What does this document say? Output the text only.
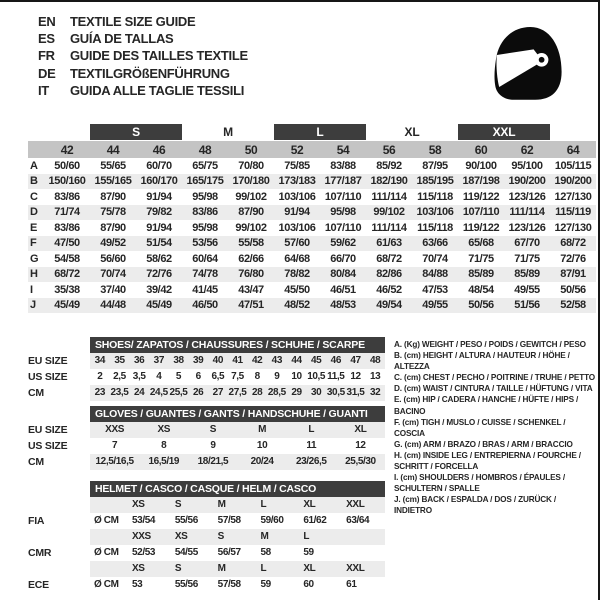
EN	TEXTILE SIZE GUIDE
ES	GUÍA DE TALLAS
FR	GUIDE DES TAILLES TEXTILE
DE	TEXTILGRÖßENFÜHRUNG
IT	GUIDA ALLE TAGLIE TESSILI
S	M	L	XL	XXL
42	44	46	48	50	52	54	56	58	60	62	64
A	50/60	55/65	60/70	65/75	70/80	75/85	83/88	85/92	87/95	90/100	95/100	105/115
B 150/160 155/165 160/170 165/175 170/180 173/183 177/187 182/190 185/195 187/198 190/200 190/200
C	83/86	87/90	91/94	95/98	99/102	103/106 107/110 111/114 115/118 119/122 123/126 127/130
D	71/74	75/78	79/82	83/86	87/90	91/94	95/98	99/102	103/106 107/110 111/114 115/119
E	83/86	87/90	91/94	95/98	99/102	103/106 107/110 111/114 115/118 119/122 123/126 127/130
F	47/50	49/52	51/54	53/56	55/58	57/60	59/62	61/63	63/66	65/68	67/70	68/72
G	54/58	56/60	58/62	60/64	62/66	64/68	66/70	68/72	70/74	71/75	71/75	72/76
H	68/72	70/74	72/76	74/78	76/80	78/82	80/84	82/86	84/88	85/89	85/89	87/91
I	35/38	37/40	39/42	41/45	43/47	45/50	46/51	46/52	47/53	48/54	49/55	50/56
J	45/49	44/48	45/49	46/50	47/51	48/52	48/53	49/54	49/55	50/56	51/56	52/58
SHOES/ ZAPATOS / CHAUSSURES / SCHUHE / SCARPE
EU SIZE	34 35 36 37 38 39 40 41 42 43 44 45 46 47 48
US SIZE	2	2,5 3,5	4	5	6	6,5 7,5	8	9	10 10,5 11,5 12 13
CM	23 23,5 24 24,5 25,5 26 27 27,5 28 28,5 29 30 30,5 31,5 32
GLOVES / GUANTES / GANTS / HANDSCHUHE / GUANTI
EU SIZE	XXS	XS	S	M	L	XL
US SIZE	7	8	9	10	11	12
CM	12,5/16,5	16,5/19	18/21,5	20/24	23/26,5	25,5/30
HELMET / CASCO / CASQUE / HELM / CASCO
XS	S	M	L	XL	XXL
FIA	Ø CM	53/54	55/56	57/58	59/60	61/62	63/64
XXS	XS	S	M	L
CMR	Ø CM	52/53	54/55	56/57	58	59
XS	S	M	L	XL	XXL
ECE	Ø CM	53	55/56	57/58	59	60	61
A. (Kg) WEIGHT / PESO / POIDS / GEWITCH / PESO
B. (cm) HEIGHT / ALTURA / HAUTEUR / HÖHE / ALTEZZA
C. (cm) CHEST / PECHO / POITRINE / TRUHE / PETTO
D. (cm) WAIST / CINTURA / TAILLE / HÜFTUNG / VITA
E. (cm) HIP / CADERA / HANCHE / HÜFTE / HIPS / BACINO
F. (cm) TIGH / MUSLO / CUISSE / SCHENKEL / COSCIA
G. (cm) ARM / BRAZO / BRAS / ARM / BRACCIO
H. (cm) INSIDE LEG / ENTREPIERNA / FOURCHE / SCHRITT / FORCELLA
I. (cm) SHOULDERS / HOMBROS / ÉPAULES / SCHULTERN / SPALLE
J. (cm) BACK / ESPALDA / DOS / ZURÜCK / INDIETRO
